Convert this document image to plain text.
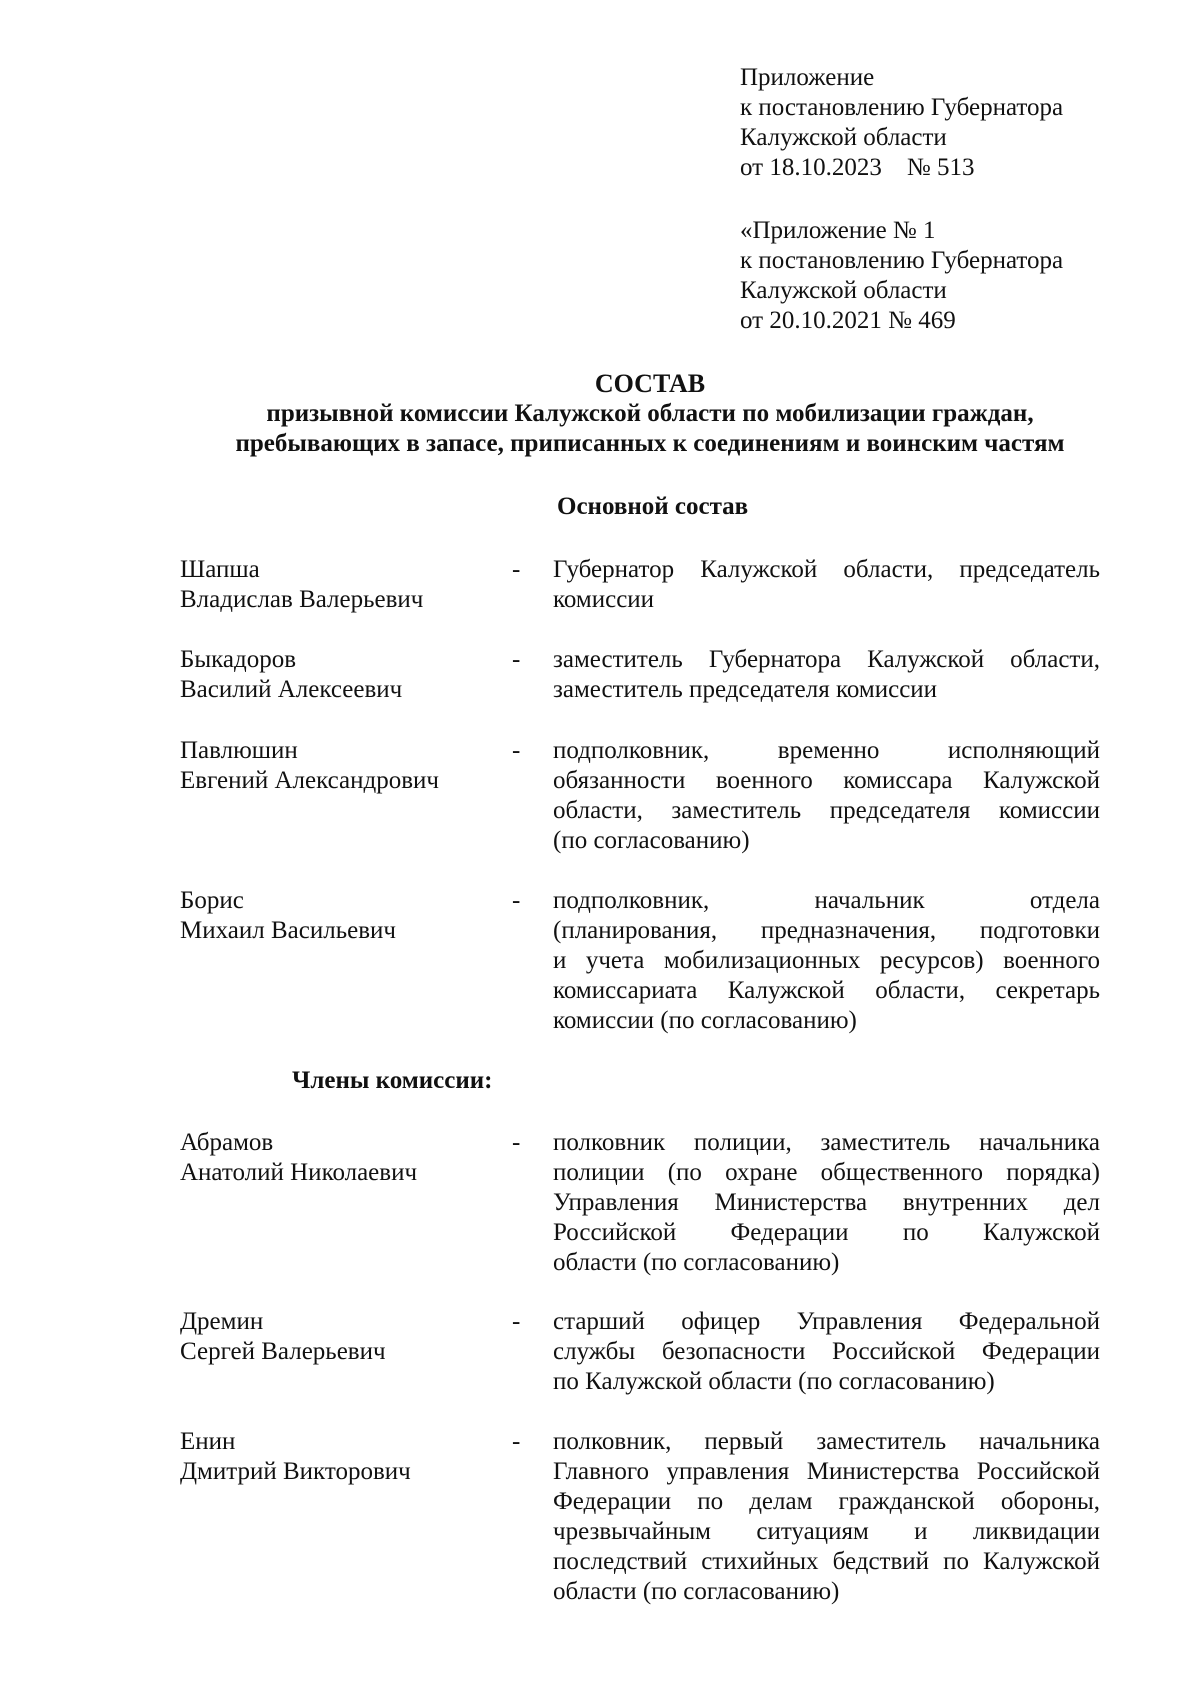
Приложение
к постановлению Губернатора
Калужской области
от 18.10.2023    № 513
«Приложение № 1
к постановлению Губернатора
Калужской области
от 20.10.2021 № 469
СОСТАВ
призывной комиссии Калужской области по мобилизации граждан,
пребывающих в запасе, приписанных к соединениям и воинским частям
Основной состав
Шапша
Владислав Валерьевич
- Губернатор Калужской области, председатель
комиссии
Быкадоров
Василий Алексеевич
- заместитель Губернатора Калужской области,
заместитель председателя комиссии
Павлюшин
Евгений Александрович
- подполковник, временно исполняющий
обязанности военного комиссара Калужской
области, заместитель председателя комиссии
(по согласованию)
Борис
Михаил Васильевич
- подполковник, начальник отдела
(планирования, предназначения, подготовки
и учета мобилизационных ресурсов) военного
комиссариата Калужской области, секретарь
комиссии (по согласованию)
Члены комиссии:
Абрамов
Анатолий Николаевич
- полковник полиции, заместитель начальника
полиции (по охране общественного порядка)
Управления Министерства внутренних дел
Российской Федерации по Калужской
области (по согласованию)
Дремин
Сергей Валерьевич
- старший офицер Управления Федеральной
службы безопасности Российской Федерации
по Калужской области (по согласованию)
Енин
Дмитрий Викторович
- полковник, первый заместитель начальника
Главного управления Министерства Российской
Федерации по делам гражданской обороны,
чрезвычайным ситуациям и ликвидации
последствий стихийных бедствий по Калужской
области (по согласованию)
